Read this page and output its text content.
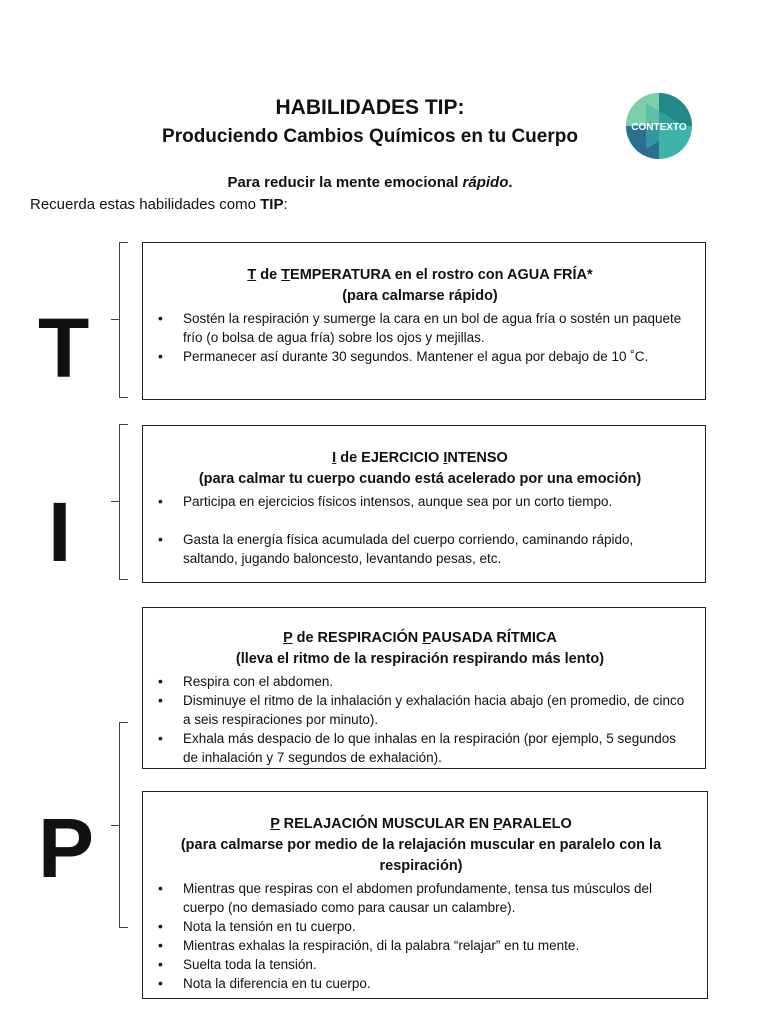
HABILIDADES TIP:
Produciendo Cambios Químicos en tu Cuerpo	CONTEXTO
Para reducir la mente emocional rápido.
Recuerda estas habilidades como TIP:
T
I
P
T de TEMPERATURA en el rostro con AGUA FRÍA*
(para calmarse rápido)
• Sostén la respiración y sumerge la cara en un bol de agua fría o sostén un paquete frío (o bolsa de agua fría) sobre los ojos y mejillas.
• Permanecer así durante 30 segundos. Mantener el agua por debajo de 10 ˚C.
I de EJERCICIO INTENSO
(para calmar tu cuerpo cuando está acelerado por una emoción)
• Participa en ejercicios físicos intensos, aunque sea por un corto tiempo.
• Gasta la energía física acumulada del cuerpo corriendo, caminando rápido, saltando, jugando baloncesto, levantando pesas, etc.
P de RESPIRACIÓN PAUSADA RÍTMICA
(lleva el ritmo de la respiración respirando más lento)
• Respira con el abdomen.
• Disminuye el ritmo de la inhalación y exhalación hacia abajo (en promedio, de cinco a seis respiraciones por minuto).
• Exhala más despacio de lo que inhalas en la respiración (por ejemplo, 5 segundos de inhalación y 7 segundos de exhalación).
P RELAJACIÓN MUSCULAR EN PARALELO
(para calmarse por medio de la relajación muscular en paralelo con la respiración)
• Mientras que respiras con el abdomen profundamente, tensa tus músculos del cuerpo (no demasiado como para causar un calambre).
• Nota la tensión en tu cuerpo.
• Mientras exhalas la respiración, di la palabra “relajar” en tu mente.
• Suelta toda la tensión.
• Nota la diferencia en tu cuerpo.
